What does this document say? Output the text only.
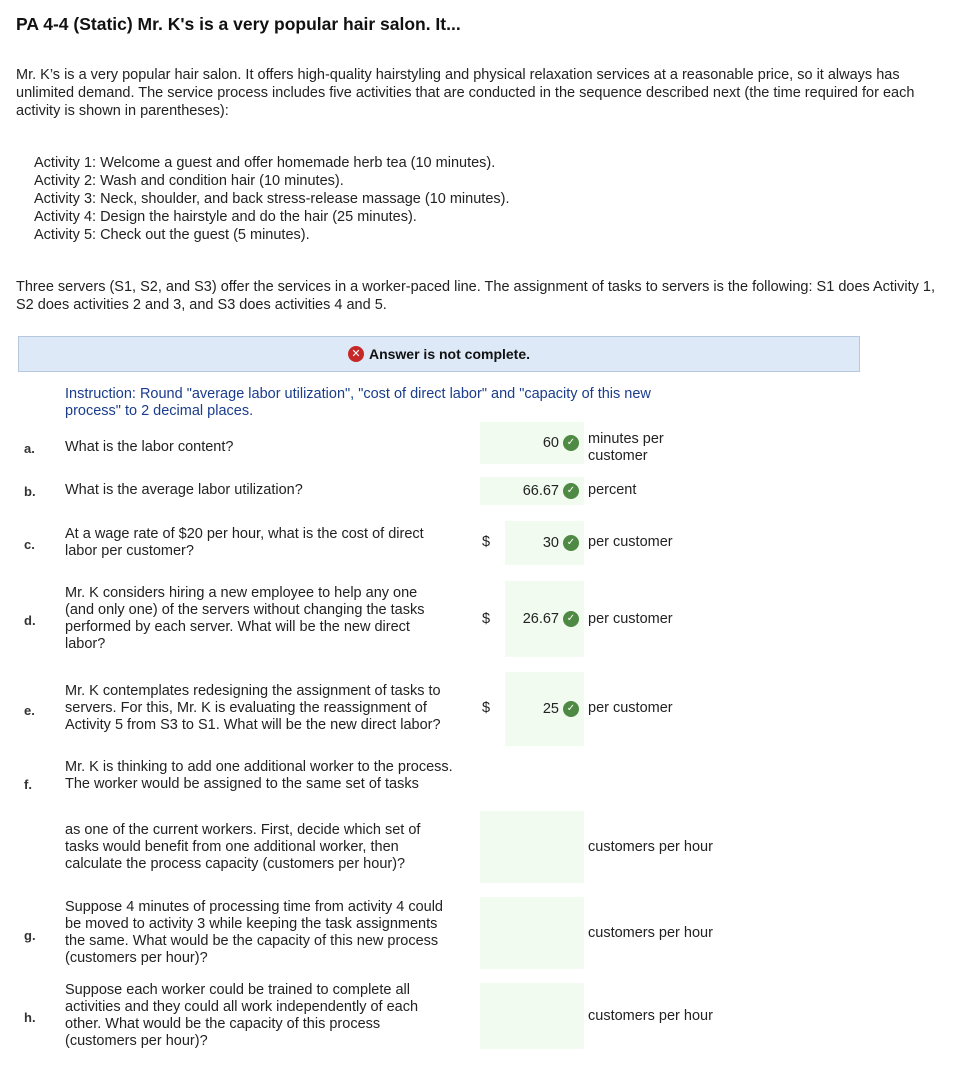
PA 4-4 (Static) Mr. K's is a very popular hair salon. It...
Mr. K’s is a very popular hair salon. It offers high-quality hairstyling and physical relaxation services at a reasonable price, so it always has unlimited demand. The service process includes five activities that are conducted in the sequence described next (the time required for each activity is shown in parentheses):
Activity 1: Welcome a guest and offer homemade herb tea (10 minutes).
Activity 2: Wash and condition hair (10 minutes).
Activity 3: Neck, shoulder, and back stress-release massage (10 minutes).
Activity 4: Design the hairstyle and do the hair (25 minutes).
Activity 5: Check out the guest (5 minutes).
Three servers (S1, S2, and S3) offer the services in a worker-paced line. The assignment of tasks to servers is the following: S1 does Activity 1, S2 does activities 2 and 3, and S3 does activities 4 and 5.
✕ Answer is not complete.
Instruction: Round "average labor utilization", "cost of direct labor" and "capacity of this new process" to 2 decimal places.
a. What is the labor content?	60 ✓ minutes per customer
b. What is the average labor utilization?	66.67 ✓ percent
c.
At a wage rate of $20 per hour, what is the cost of direct labor per customer?
$	30 ✓ per customer
d.
Mr. K considers hiring a new employee to help any one (and only one) of the servers without changing the tasks performed by each server. What will be the new direct labor?
$ 26.67 ✓ per customer
e.
Mr. K contemplates redesigning the assignment of tasks to servers. For this, Mr. K is evaluating the reassignment of Activity 5 from S3 to S1. What will be the new direct labor?
$	25 ✓ per customer
f.
Mr. K is thinking to add one additional worker to the process. The worker would be assigned to the same set of tasks
as one of the current workers. First, decide which set of tasks would benefit from one additional worker, then calculate the process capacity (customers per hour)?
customers per hour
g.
Suppose 4 minutes of processing time from activity 4 could be moved to activity 3 while keeping the task assignments the same. What would be the capacity of this new process (customers per hour)?
customers per hour
h.
Suppose each worker could be trained to complete all activities and they could all work independently of each other. What would be the capacity of this process (customers per hour)?
customers per hour
